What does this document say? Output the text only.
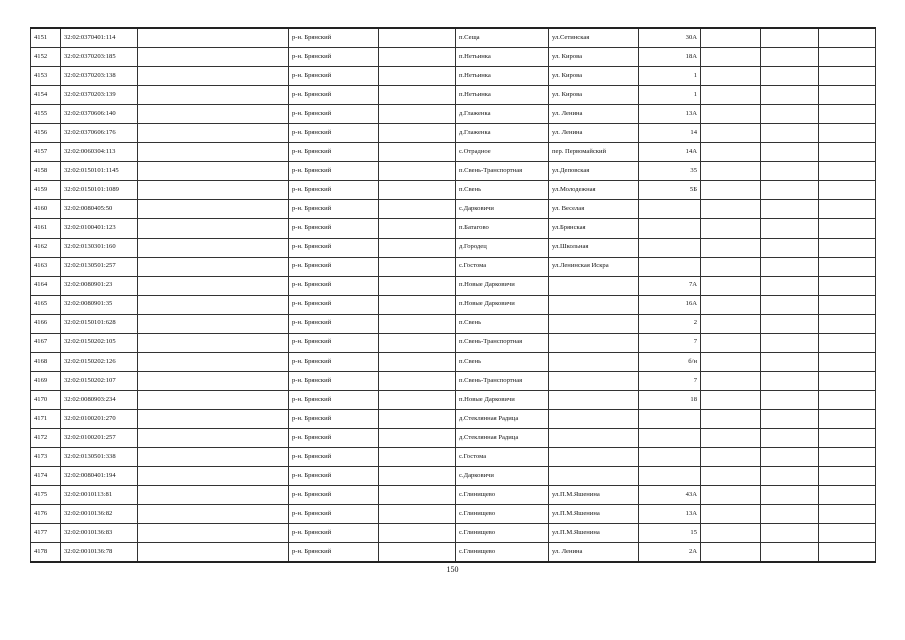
4151	32:02:0370401:114		р-н. Брянский		п.Сеща	ул.Сетинская	30А			
4152	32:02:0370203:185		р-н. Брянский		п.Нетьинка	ул. Кирова	18А			
4153	32:02:0370203:138		р-н. Брянский		п.Нетьинка	ул. Кирова	1			
4154	32:02:0370203:139		р-н. Брянский		п.Нетьинка	ул. Кирова	1			
4155	32:02:0370606:140		р-н. Брянский		д.Глаженка	ул. Ленина	13А			
4156	32:02:0370606:176		р-н. Брянский		д.Глаженка	ул. Ленина	14			
4157	32:02:0060304:113		р-н. Брянский		с.Отрадное	пер. Первомайский	14А			
4158	32:02:0150101:1145		р-н. Брянский		п.Свень-Транспортная	ул.Деповская	35			
4159	32:02:0150101:1089		р-н. Брянский		п.Свень	ул.Молодежная	5Б			
4160	32:02:0080405:50		р-н. Брянский		с.Дарковичи	ул. Веселая				
4161	32:02:0100401:123		р-н. Брянский		п.Батагово	ул.Брянская				
4162	32:02:0130301:160		р-н. Брянский		д.Городец	ул.Школьная				
4163	32:02:0130501:257		р-н. Брянский		с.Гостома	ул.Ленинская Искра				
4164	32:02:0080901:23		р-н. Брянский		п.Новые Дарковичи		7А			
4165	32:02:0080901:35		р-н. Брянский		п.Новые Дарковичи		16А			
4166	32:02:0150101:628		р-н. Брянский		п.Свень		2			
4167	32:02:0150202:105		р-н. Брянский		п.Свень-Транспортная		7			
4168	32:02:0150202:126		р-н. Брянский		п.Свень		б/н			
4169	32:02:0150202:107		р-н. Брянский		п.Свень-Транспортная		7			
4170	32:02:0080903:234		р-н. Брянский		п.Новые Дарковичи		18			
4171	32:02:0100201:270		р-н. Брянский		д.Стеклянная Радица					
4172	32:02:0100201:257		р-н. Брянский		д.Стеклянная Радица					
4173	32:02:0130501:338		р-н. Брянский		с.Гостома					
4174	32:02:0080401:194		р-н. Брянский		с.Дарковичи					
4175	32:02:0010113:81		р-н. Брянский		с.Глинищево	ул.П.М.Яшенина	43А			
4176	32:02:0010136:82		р-н. Брянский		с.Глинищево	ул.П.М.Яшенина	13А			
4177	32:02:0010136:83		р-н. Брянский		с.Глинищево	ул.П.М.Яшенина	15			
4178	32:02:0010136:78		р-н. Брянский		с.Глинищево	ул. Ленина	2А			
150
